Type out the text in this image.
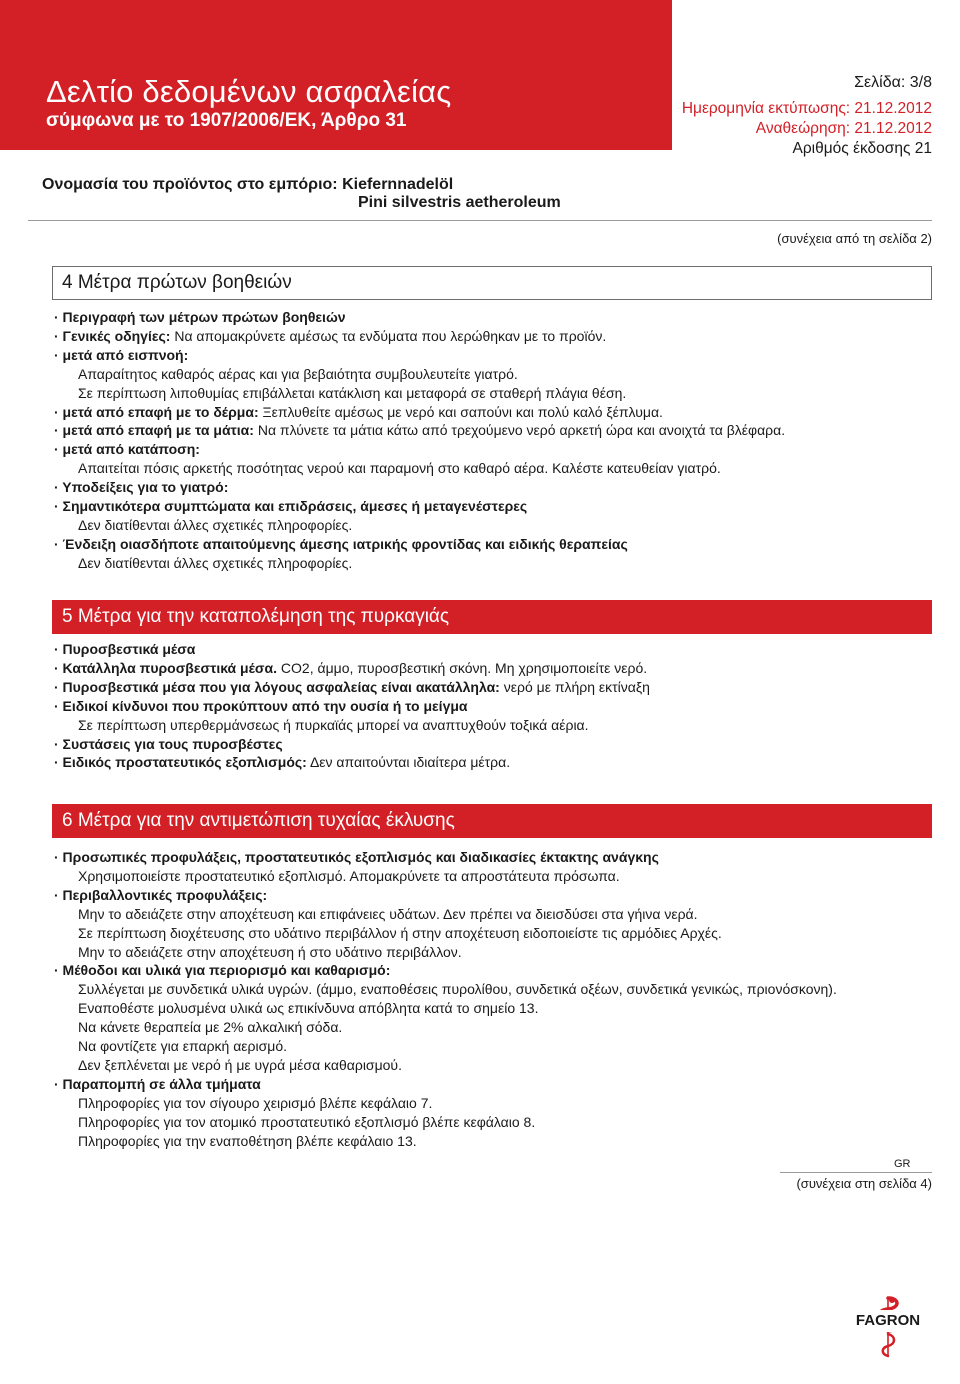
Δελτίο δεδομένων ασφαλείας
σύμφωνα με το 1907/2006/ΕΚ, Άρθρο 31
Σελίδα: 3/8
Ημερομηνία εκτύπωσης: 21.12.2012
Αναθεώρηση: 21.12.2012
Αριθμός έκδοσης 21
Ονομασία του προϊόντος στο εμπόριο: Kiefernnadelöl
Pini silvestris aetheroleum
(συνέχεια από τη σελίδα 2)
4 Μέτρα πρώτων βοηθειών
· Περιγραφή των μέτρων πρώτων βοηθειών
· Γενικές οδηγίες: Να απομακρύνετε αμέσως τα ενδύματα που λερώθηκαν με το προϊόν.
· μετά από εισπνοή:
Απαραίτητος καθαρός αέρας και για βεβαιότητα συμβουλευτείτε γιατρό.
Σε περίπτωση λιποθυμίας επιβάλλεται κατάκλιση και μεταφορά σε σταθερή πλάγια θέση.
· μετά από επαφή με το δέρμα: Ξεπλυθείτε αμέσως με νερό και σαπούνι και πολύ καλό ξέπλυμα.
· μετά από επαφή με τα μάτια: Να πλύνετε τα μάτια κάτω από τρεχούμενο νερό αρκετή ώρα και ανοιχτά τα βλέφαρα.
· μετά από κατάποση:
Απαιτείται πόσις αρκετής ποσότητας νερού και παραμονή στο καθαρό αέρα. Καλέστε κατευθείαν γιατρό.
· Υποδείξεις για το γιατρό:
· Σημαντικότερα συμπτώματα και επιδράσεις, άμεσες ή μεταγενέστερες
Δεν διατίθενται άλλες σχετικές πληροφορίες.
· Ένδειξη οιασδήποτε απαιτούμενης άμεσης ιατρικής φροντίδας και ειδικής θεραπείας
Δεν διατίθενται άλλες σχετικές πληροφορίες.
5 Μέτρα για την καταπολέμηση της πυρκαγιάς
· Πυροσβεστικά μέσα
· Κατάλληλα πυροσβεστικά μέσα. CO2, άμμο, πυροσβεστική σκόνη. Μη χρησιμοποιείτε νερό.
· Πυροσβεστικά μέσα που για λόγους ασφαλείας είναι ακατάλληλα: νερό με πλήρη εκτίναξη
· Ειδικοί κίνδυνοι που προκύπτουν από την ουσία ή το μείγμα
Σε περίπτωση υπερθερμάνσεως ή πυρκαϊάς μπορεί να αναπτυχθούν τοξικά αέρια.
· Συστάσεις για τους πυροσβέστες
· Ειδικός προστατευτικός εξοπλισμός: Δεν απαιτούνται ιδιαίτερα μέτρα.
6 Μέτρα για την αντιμετώπιση τυχαίας έκλυσης
· Προσωπικές προφυλάξεις, προστατευτικός εξοπλισμός και διαδικασίες έκτακτης ανάγκης
Χρησιμοποιείστε προστατευτικό εξοπλισμό. Απομακρύνετε τα απροστάτευτα πρόσωπα.
· Περιβαλλοντικές προφυλάξεις:
Μην το αδειάζετε στην αποχέτευση και επιφάνειες υδάτων. Δεν πρέπει να διεισδύσει στα γήινα νερά.
Σε περίπτωση διοχέτευσης στο υδάτινο περιβάλλον ή στην αποχέτευση ειδοποιείστε τις αρμόδιες Αρχές.
Μην το αδειάζετε στην αποχέτευση ή στο υδάτινο περιβάλλον.
· Μέθοδοι και υλικά για περιορισμό και καθαρισμό:
Συλλέγεται με συνδετικά υλικά υγρών. (άμμο, εναποθέσεις πυρολίθου, συνδετικά οξέων, συνδετικά γενικώς, πριονόσκονη).
Εναποθέστε μολυσμένα υλικά ως επικίνδυνα απόβλητα κατά το σημείο 13.
Να κάνετε θεραπεία με 2% αλκαλική σόδα.
Να φοντίζετε για επαρκή αερισμό.
Δεν ξεπλένεται με νερό ή με υγρά μέσα καθαρισμού.
· Παραπομπή σε άλλα τμήματα
Πληροφορίες για τον σίγουρο χειρισμό βλέπε κεφάλαιο 7.
Πληροφορίες για τον ατομικό προστατευτικό εξοπλισμό βλέπε κεφάλαιο 8.
Πληροφορίες για την εναποθέτηση βλέπε κεφάλαιο 13.
GR
(συνέχεια στη σελίδα 4)
FAGRON
